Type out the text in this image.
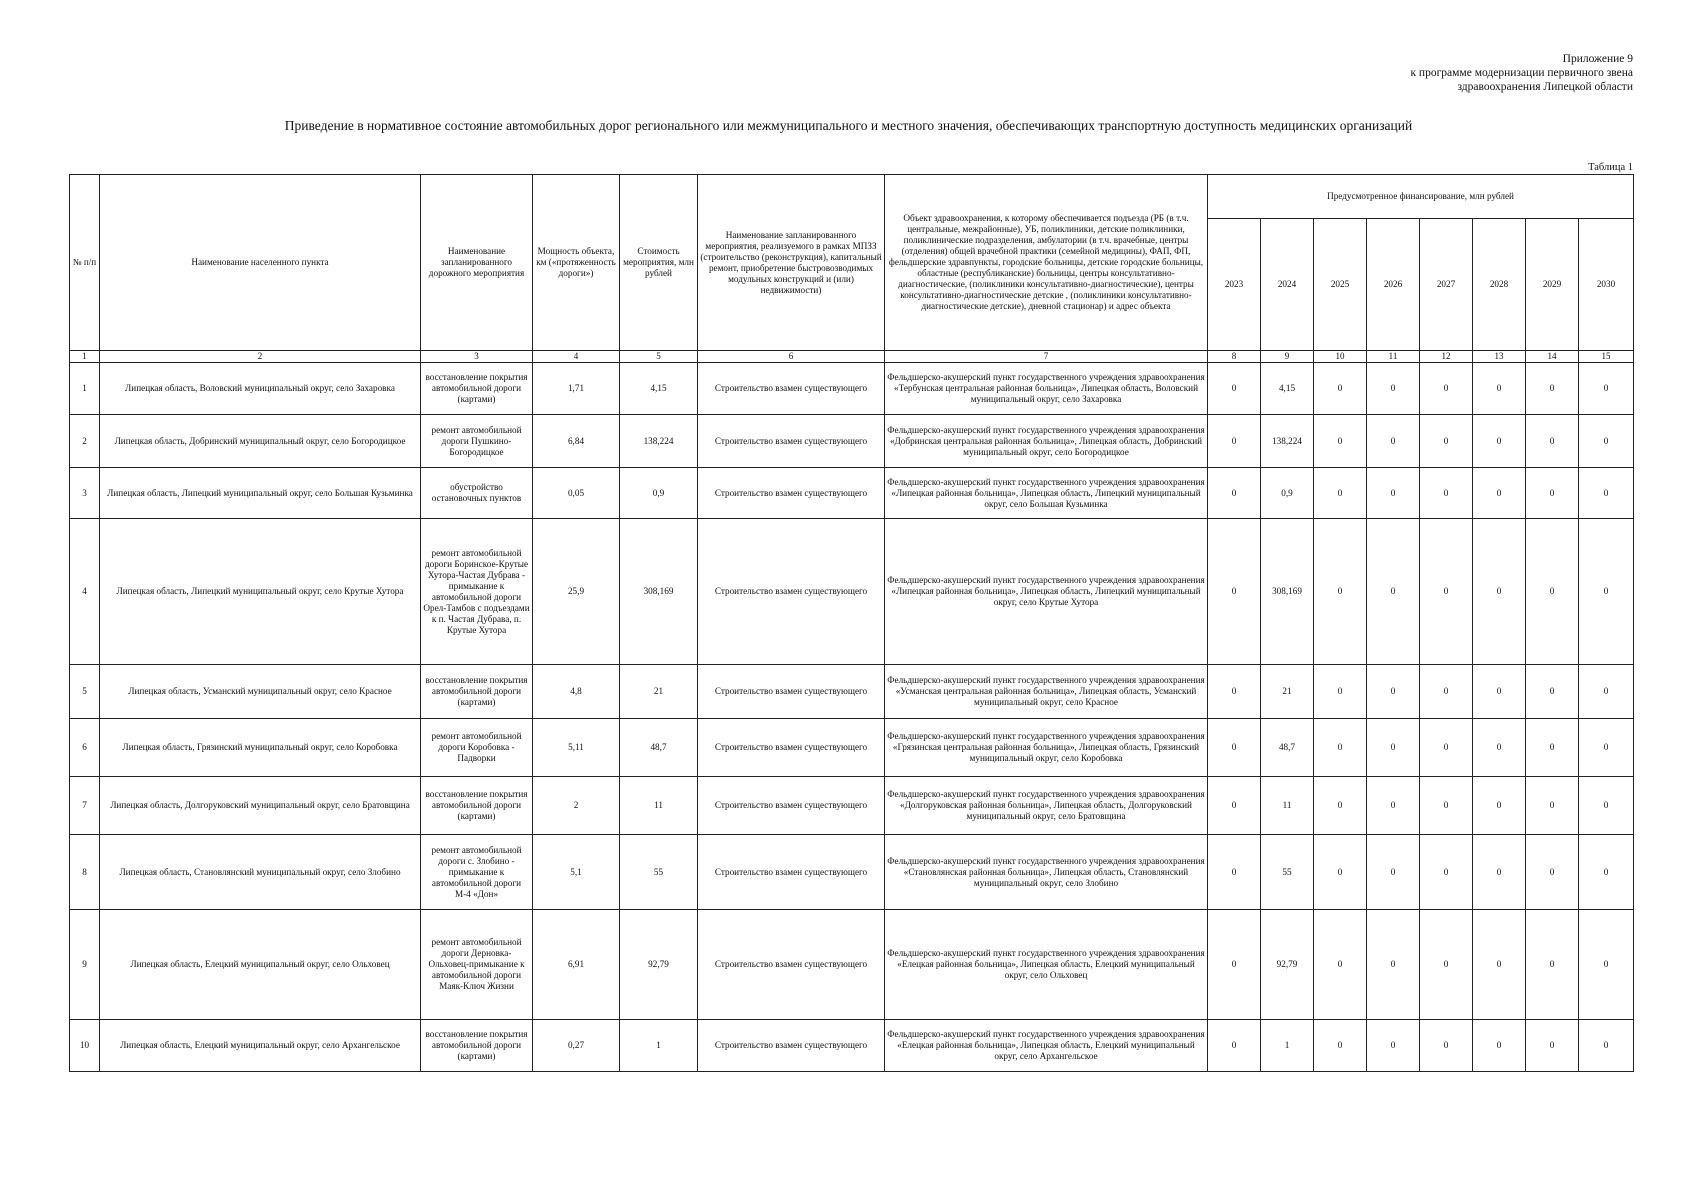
Приложение 9
к программе модернизации первичного звена
здравоохранения Липецкой области
Приведение в нормативное состояние автомобильных дорог регионального или межмуниципального и местного значения, обеспечивающих транспортную доступность медицинских организаций
Таблица 1
№ п/п	Наименование населенного пункта	Наименование запланированного дорожного мероприятия	Мощность объекта, км («протяженность дороги»)	Стоимость мероприятия, млн рублей	Наименование запланированного мероприятия, реализуемого в рамках МПЗЗ (строительство (реконструкция), капитальный ремонт, приобретение быстровозводимых модульных конструкций и (или) недвижимости)	Объект здравоохранения, к которому обеспечивается подъезда (РБ (в т.ч. центральные, межрайонные), УБ, поликлиники, детские поликлиники, поликлинические подразделения, амбулатории (в т.ч. врачебные, центры (отделения) общей врачебной практики (семейной медицины), ФАП, ФП, фельдшерские здравпункты, городские больницы, детские городские больницы, областные (республиканские) больницы, центры консультативно-диагностические, (поликлиники консультативно-диагностические), центры консультативно-диагностические детские , (поликлиники консультативно-диагностические детские), дневной стационар) и адрес объекта	Предусмотренное финансирование, млн рублей							
							2023	2024	2025	2026	2027	2028	2029	2030
1	2	3	4	5	6	7	8	9	10	11	12	13	14	15
1	Липецкая область, Воловский муниципальный округ, село Захаровка	восстановление покрытия автомобильной дороги (картами)	1,71	4,15	Строительство взамен существующего	Фельдшерско-акушерский пункт государственного учреждения здравоохранения «Тербунская центральная районная больница», Липецкая область, Воловский муниципальный округ, село Захаровка	0	4,15	0	0	0	0	0	0
2	Липецкая область, Добринский муниципальный округ, село Богородицкое	ремонт автомобильной дороги Пушкино-Богородицкое	6,84	138,224	Строительство взамен существующего	Фельдшерско-акушерский пункт государственного учреждения здравоохранения «Добринская центральная районная больница», Липецкая область, Добринский муниципальный округ, село Богородицкое	0	138,224	0	0	0	0	0	0
3	Липецкая область, Липецкий муниципальный округ, село Большая Кузьминка	обустройство остановочных пунктов	0,05	0,9	Строительство взамен существующего	Фельдшерско-акушерский пункт государственного учреждения здравоохранения «Липецкая районная больница», Липецкая область, Липецкий муниципальный округ, село Большая Кузьминка	0	0,9	0	0	0	0	0	0
4	Липецкая область, Липецкий муниципальный округ, село Крутые Хутора	ремонт автомобильной дороги Боринское-Крутые Хутора-Частая Дубрава - примыкание к автомобильной дороги Орел-Тамбов с подъездами к п. Частая Дубрава, п. Крутые Хутора	25,9	308,169	Строительство взамен существующего	Фельдшерско-акушерский пункт государственного учреждения здравоохранения «Липецкая районная больница», Липецкая область, Липецкий муниципальный округ, село Крутые Хутора	0	308,169	0	0	0	0	0	0
5	Липецкая область, Усманский муниципальный округ, село Красное	восстановление покрытия автомобильной дороги (картами)	4,8	21	Строительство взамен существующего	Фельдшерско-акушерский пункт государственного учреждения здравоохранения «Усманская центральная районная больница», Липецкая область, Усманский муниципальный округ, село Красное	0	21	0	0	0	0	0	0
6	Липецкая область, Грязинский муниципальный округ, село Коробовка	ремонт автомобильной дороги Коробовка - Падворки	5,11	48,7	Строительство взамен существующего	Фельдшерско-акушерский пункт государственного учреждения здравоохранения «Грязинская центральная районная больница», Липецкая область, Грязинский муниципальный округ, село Коробовка	0	48,7	0	0	0	0	0	0
7	Липецкая область, Долгоруковский муниципальный округ, село Братовщина	восстановление покрытия автомобильной дороги (картами)	2	11	Строительство взамен существующего	Фельдшерско-акушерский пункт государственного учреждения здравоохранения «Долгоруковская районная больница», Липецкая область, Долгоруковский муниципальный округ, село Братовщина	0	11	0	0	0	0	0	0
8	Липецкая область, Становлянский муниципальный округ, село Злобино	ремонт автомобильной дороги с. Злобино - примыкание к автомобильной дороги М-4 «Дон»	5,1	55	Строительство взамен существующего	Фельдшерско-акушерский пункт государственного учреждения здравоохранения «Становлянская районная больница», Липецкая область, Становлянский муниципальный округ, село Злобино	0	55	0	0	0	0	0	0
9	Липецкая область, Елецкий муниципальный округ, село Ольховец	ремонт автомобильной дороги Дерновка-Ольховец-примыкание к автомобильной дороги Маяк-Ключ Жизни	6,91	92,79	Строительство взамен существующего	Фельдшерско-акушерский пункт государственного учреждения здравоохранения «Елецкая районная больница», Липецкая область, Елецкий муниципальный округ, село Ольховец	0	92,79	0	0	0	0	0	0
10	Липецкая область, Елецкий муниципальный округ, село Архангельское	восстановление покрытия автомобильной дороги (картами)	0,27	1	Строительство взамен существующего	Фельдшерско-акушерский пункт государственного учреждения здравоохранения «Елецкая районная больница», Липецкая область, Елецкий муниципальный округ, село Архангельское	0	1	0	0	0	0	0	0
